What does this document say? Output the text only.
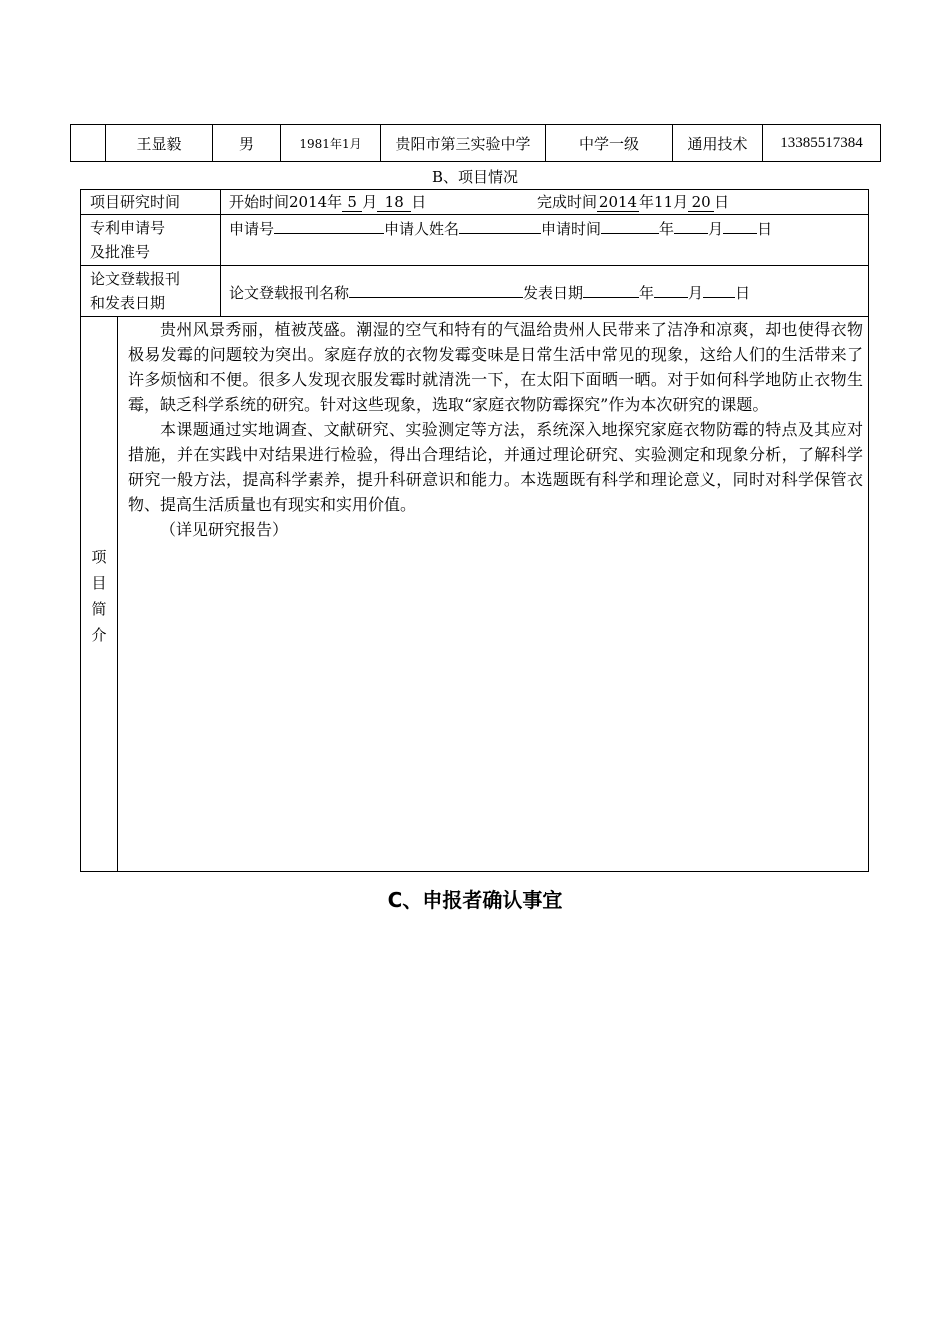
	王显毅	男	1981年1月	贵阳市第三实验中学	中学一级	通用技术	13385517384
B、项目情况
项目研究时间	开始时间2014年 5 月 18 日	完成时间 2014 年11月 20 日
专利申请号
及批准号
申请号	申请人姓名	申请时间	年 月 日
论文登载报刊
和发表日期
论文登载报刊名称	发表日期	年 月 日
项
目
简
介

贵州风景秀丽，植被茂盛。潮湿的空气和特有的气温给贵州人民带来了洁净和凉爽，却也使得衣物极易发霉的问题较为突出。家庭存放的衣物发霉变味是日常生活中常见的现象，这给人们的生活带来了许多烦恼和不便。很多人发现衣服发霉时就清洗一下，在太阳下面晒一晒。对于如何科学地防止衣物生霉，缺乏科学系统的研究。针对这些现象，选取“家庭衣物防霉探究”作为本次研究的课题。

本课题通过实地调查、文献研究、实验测定等方法，系统深入地探究家庭衣物防霉的特点及其应对措施，并在实践中对结果进行检验，得出合理结论，并通过理论研究、实验测定和现象分析，了解科学研究一般方法，提高科学素养，提升科研意识和能力。本选题既有科学和理论意义，同时对科学保管衣物、提高生活质量也有现实和实用价值。

（详见研究报告）

C、申报者确认事宜
